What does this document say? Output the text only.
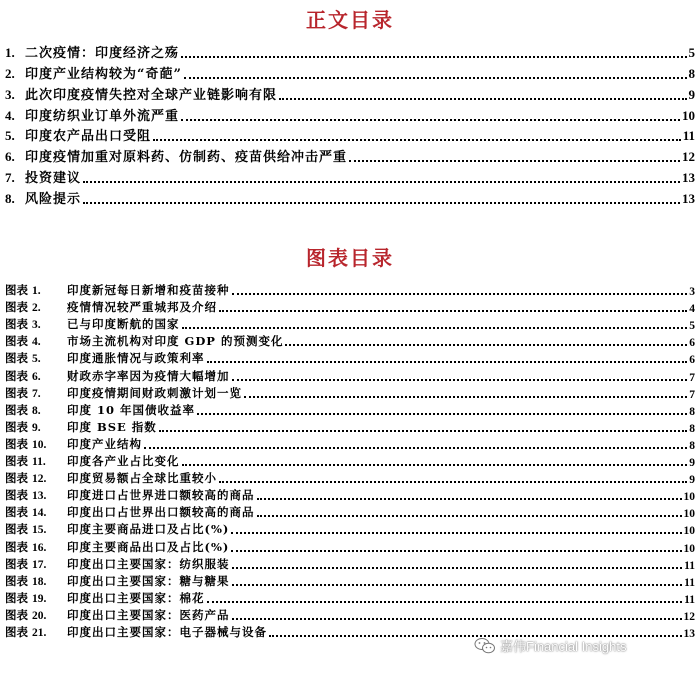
正文目录
1. 二次疫情：印度经济之殇	5
2. 印度产业结构较为“奇葩”	8
3. 此次印度疫情失控对全球产业链影响有限	9
4. 印度纺织业订单外流严重	10
5. 印度农产品出口受阻	11
6. 印度疫情加重对原料药、仿制药、疫苗供给冲击严重	12
7. 投资建议	13
8. 风险提示	13
图表目录
图表 1.	印度新冠每日新增和疫苗接种	3
图表 2.	疫情情况较严重城邦及介绍	4
图表 3.	已与印度断航的国家	5
图表 4.	市场主流机构对印度 GDP 的预测变化	6
图表 5.	印度通胀情况与政策利率	6
图表 6.	财政赤字率因为疫情大幅增加	7
图表 7.	印度疫情期间财政刺激计划一览	7
图表 8.	印度 10 年国债收益率	8
图表 9.	印度 BSE 指数	8
图表 10.	印度产业结构	8
图表 11.	印度各产业占比变化	9
图表 12.	印度贸易额占全球比重较小	9
图表 13.	印度进口占世界进口额较高的商品	10
图表 14.	印度出口占世界出口额较高的商品	10
图表 15.	印度主要商品进口及占比(%)	10
图表 16.	印度主要商品出口及占比(%)	10
图表 17.	印度出口主要国家：纺织服装	11
图表 18.	印度出口主要国家：糖与糖果	11
图表 19.	印度出口主要国家：棉花	11
图表 20.	印度出口主要国家：医药产品	12
图表 21.	印度出口主要国家：电子器械与设备	13
嘉伟Financial Insights
